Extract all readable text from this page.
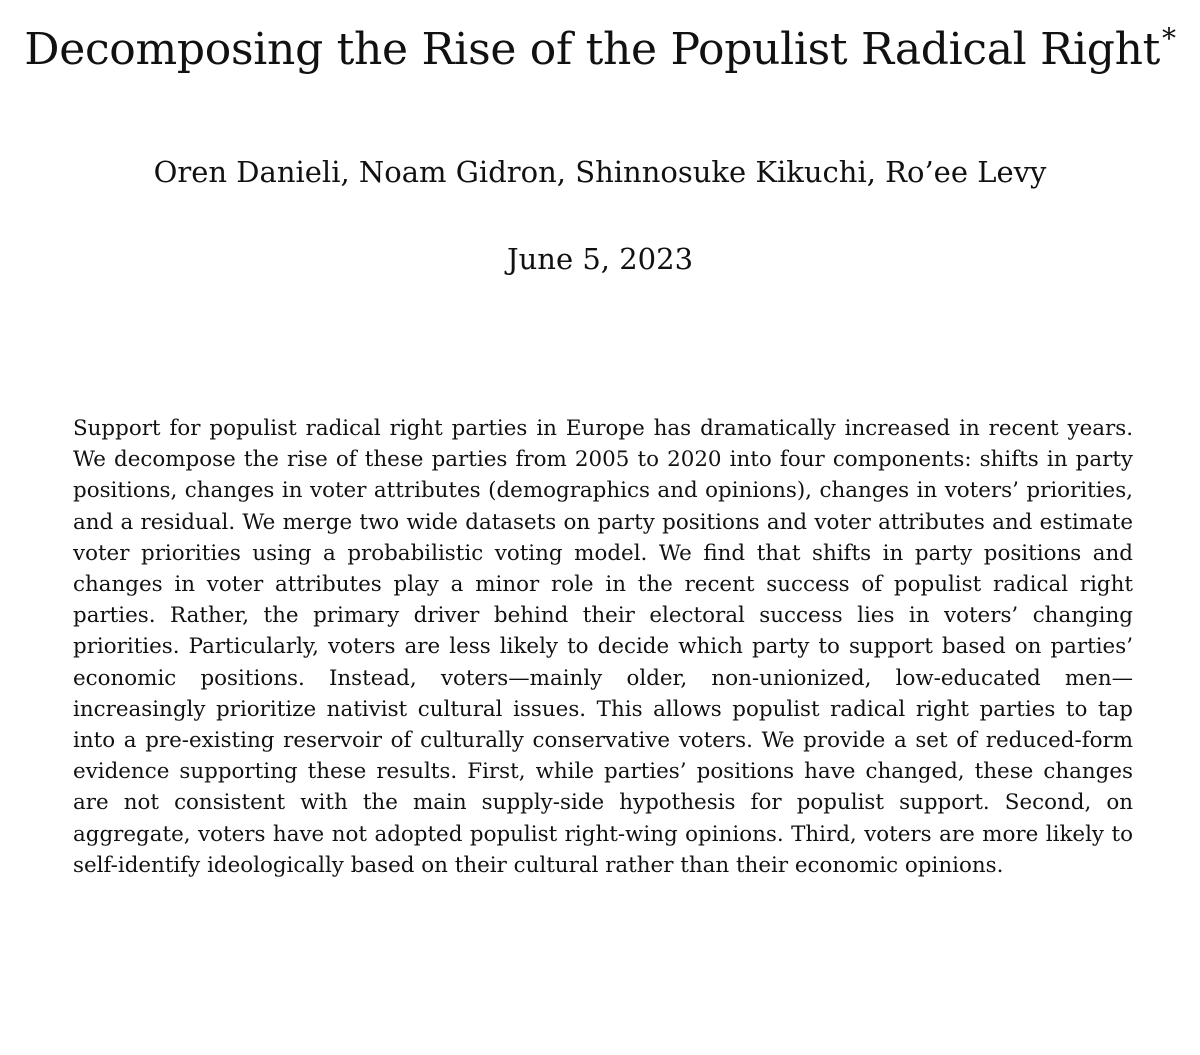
Decomposing the Rise of the Populist Radical Right*
Oren Danieli, Noam Gidron, Shinnosuke Kikuchi, Ro’ee Levy
June 5, 2023

Support for populist radical right parties in Europe has dramatically increased in recent years. We decompose the rise of these parties from 2005 to 2020 into four components: shifts in party positions, changes in voter attributes (demographics and opinions), changes in voters’ priorities, and a residual. We merge two wide datasets on party positions and voter attributes and estimate voter priorities using a probabilistic voting model. We find that shifts in party positions and changes in voter attributes play a minor role in the recent success of populist radical right parties. Rather, the primary driver behind their electoral success lies in voters’ changing priorities. Particularly, voters are less likely to decide which party to support based on parties’ economic positions. Instead, voters—mainly older, non-unionized, low-educated men—increasingly prioritize nativist cultural issues. This allows populist radical right parties to tap into a pre-existing reservoir of culturally conservative voters. We provide a set of reduced-form evidence supporting these results. First, while parties’ positions have changed, these changes are not consistent with the main supply-side hypothesis for populist support. Second, on aggregate, voters have not adopted populist right-wing opinions. Third, voters are more likely to self-identify ideologically based on their cultural rather than their economic opinions.
